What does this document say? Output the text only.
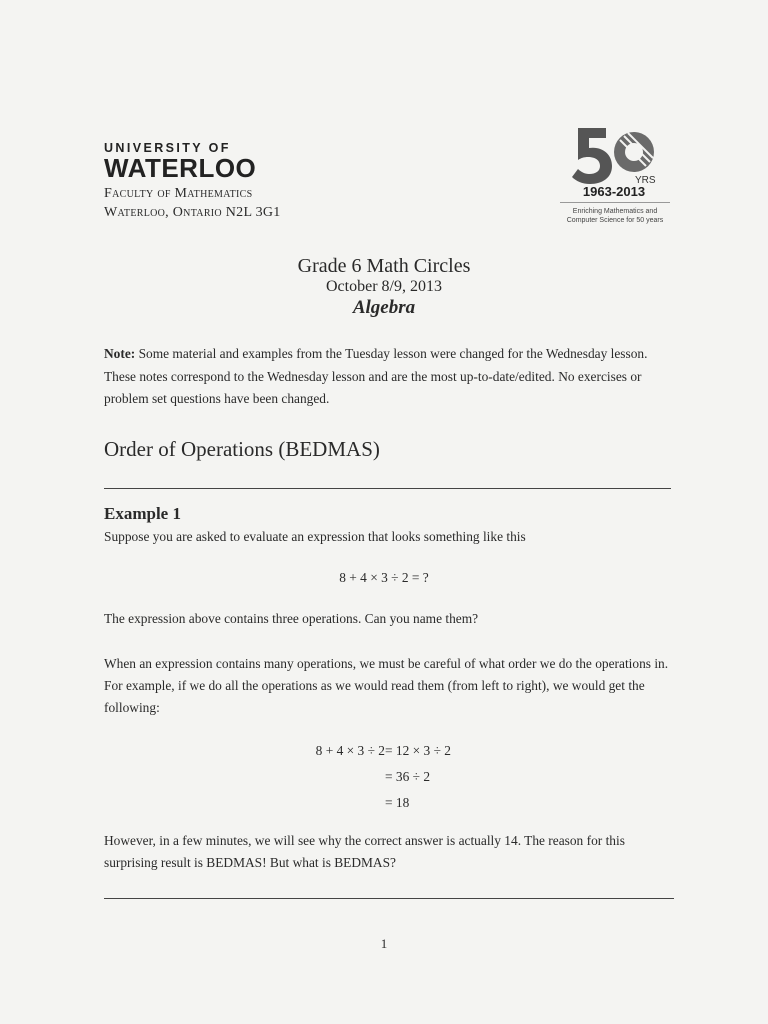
UNIVERSITY OF
WATERLOO
Faculty of Mathematics
Waterloo, Ontario N2L 3G1
YRS
1963-2013
Enriching Mathematics and
Computer Science for 50 years
Grade 6 Math Circles
October 8/9, 2013
Algebra
Note: Some material and examples from the Tuesday lesson were changed for the Wednesday lesson. These notes correspond to the Wednesday lesson and are the most up-to-date/edited. No exercises or problem set questions have been changed.
Order of Operations (BEDMAS)
Example 1
Suppose you are asked to evaluate an expression that looks something like this
8 + 4 × 3 ÷ 2 = ?
The expression above contains three operations. Can you name them?
When an expression contains many operations, we must be careful of what order we do the operations in. For example, if we do all the operations as we would read them (from left to right), we would get the following:
8 + 4 × 3 ÷ 2 = 12 × 3 ÷ 2
= 36 ÷ 2
= 18
However, in a few minutes, we will see why the correct answer is actually 14. The reason for this surprising result is BEDMAS! But what is BEDMAS?
1
